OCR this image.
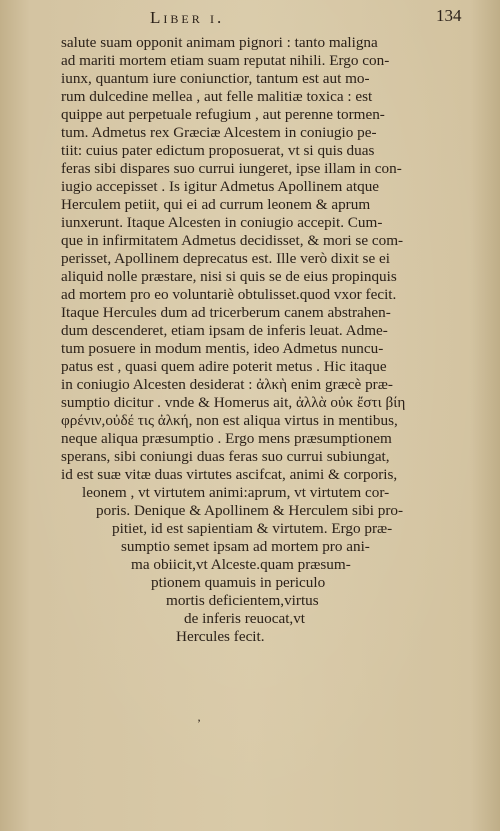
Liber i.	134
salute suam opponit animam pignori : tanto maligna
ad mariti mortem etiam suam reputat nihili. Ergo con-
iunx, quantum iure coniunctior, tantum est aut mo-
rum dulcedine mellea , aut felle malitiæ toxica : est
quippe aut perpetuale refugium , aut perenne tormen-
tum. Admetus rex Græciæ Alcestem in coniugio pe-
tiit: cuius pater edictum proposuerat, vt si quis duas
feras sibi dispares suo currui iungeret, ipse illam in con-
iugio accepisset . Is igitur Admetus Apollinem atque
Herculem petiit, qui ei ad currum leonem & aprum
iunxerunt. Itaque Alcesten in coniugio accepit. Cum-
que in infirmitatem Admetus decidisset, & mori se com-
perisset, Apollinem deprecatus est. Ille verò dixit se ei
aliquid nolle præstare, nisi si quis se de eius propinquis
ad mortem pro eo voluntariè obtulisset.quod vxor fecit.
Itaque Hercules dum ad tricerberum canem abstrahen-
dum descenderet, etiam ipsam de inferis leuat. Adme-
tum posuere in modum mentis, ideo Admetus nuncu-
patus est , quasi quem adire poterit metus . Hic itaque
in coniugio Alcesten desiderat : ἀλκὴ enim græcè præ-
sumptio dicitur . vnde & Homerus ait, ἀλλὰ οὐκ ἔστι βίη
φρένιν,οὐδέ τις ἀλκή, non est aliqua virtus in mentibus,
neque aliqua præsumptio . Ergo mens præsumptionem
sperans, sibi coniungi duas feras suo currui subiungat,
id est suæ vitæ duas virtutes ascifcat, animi & corporis,
leonem , vt virtutem animi:aprum, vt virtutem cor-
poris. Denique & Apollinem & Herculem sibi pro-
pitiet, id est sapientiam & virtutem. Ergo præ-
sumptio semet ipsam ad mortem pro ani-
ma obiicit,vt Alceste.quam præsum-
ptionem quamuis in periculo
mortis deficientem,virtus
de inferis reuocat,vt
Hercules fecit.
’
